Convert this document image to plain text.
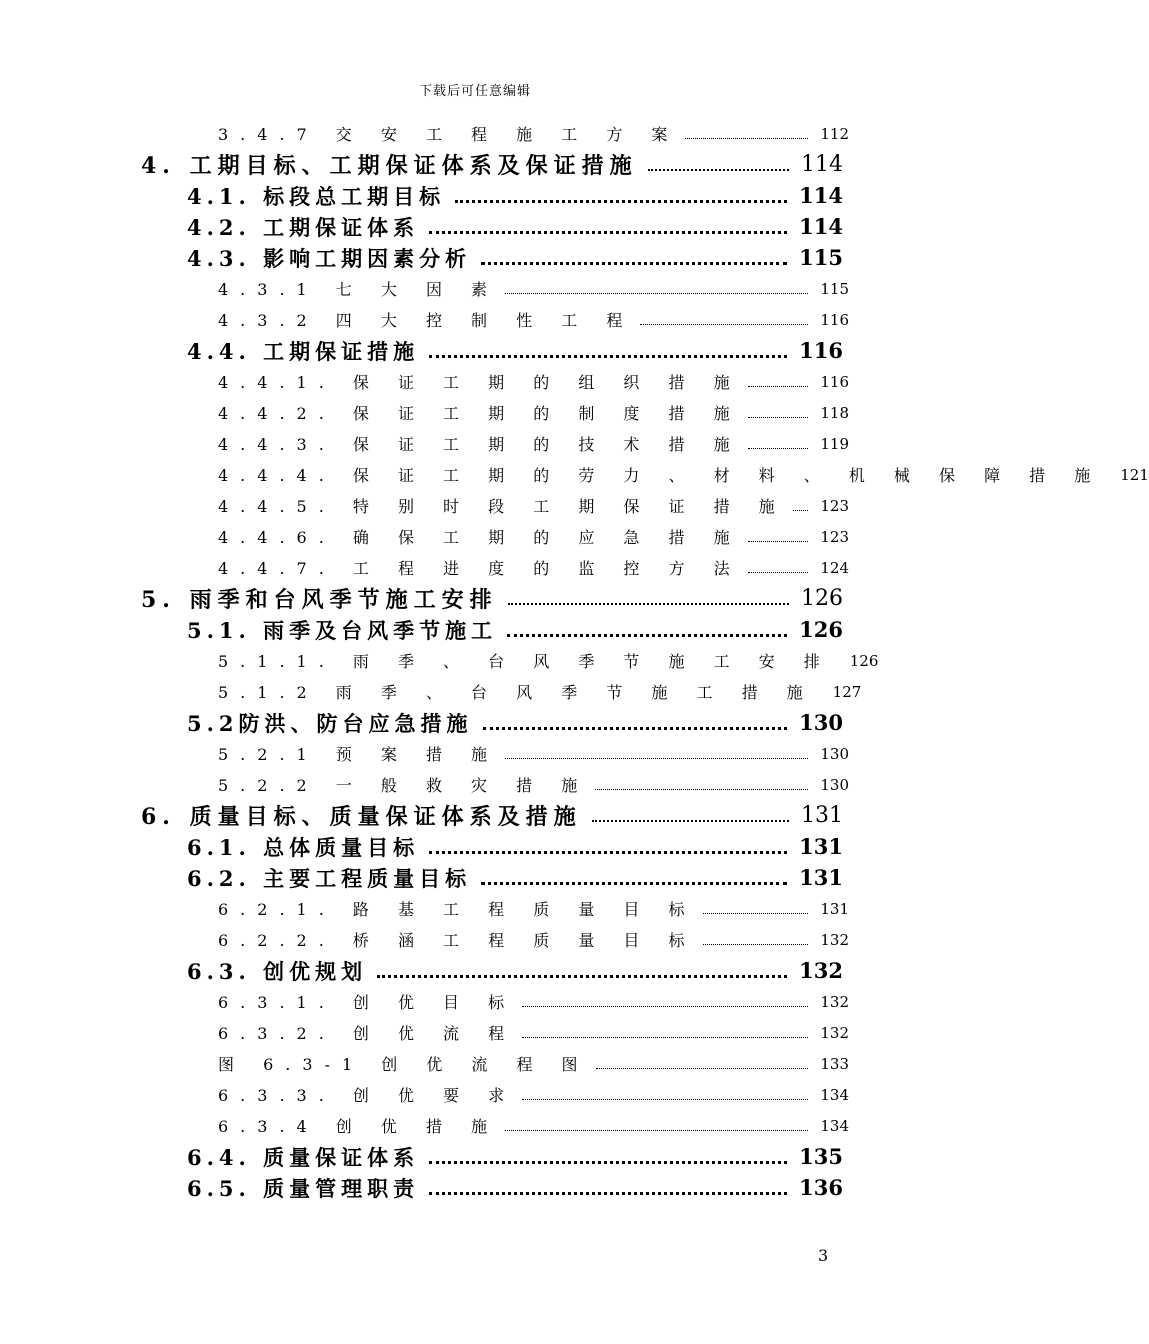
下载后可任意编辑
3.4.7 交 安 工 程 施 工 方 案	112
4. 工期目标、工期保证体系及保证措施	114
4.1. 标段总工期目标	114
4.2. 工期保证体系	114
4.3. 影响工期因素分析	115
4.3.1 七 大 因 素	115
4.3.2 四 大 控 制 性 工 程	116
4.4. 工期保证措施	116
4.4.1. 保 证 工 期 的 组 织 措 施	116
4.4.2. 保 证 工 期 的 制 度 措 施	118
4.4.3. 保 证 工 期 的 技 术 措 施	119
4.4.4. 保 证 工 期 的 劳 力 、 材 料 、 机 械 保 障 措 施 121
4.4.5. 特 别 时 段 工 期 保 证 措 施 123
4.4.6. 确 保 工 期 的 应 急 措 施	123
4.4.7. 工 程 进 度 的 监 控 方 法	124
5. 雨季和台风季节施工安排	126
5.1. 雨季及台风季节施工	126
5.1.1. 雨 季 、 台 风 季 节 施 工 安 排 126
5.1.2 雨 季 、 台 风 季 节 施 工 措 施 127
5.2防洪、防台应急措施	130
5.2.1 预 案 措 施	130
5.2.2 一 般 救 灾 措 施	130
6. 质量目标、质量保证体系及措施	131
6.1. 总体质量目标	131
6.2. 主要工程质量目标	131
6.2.1. 路 基 工 程 质 量 目 标	131
6.2.2. 桥 涵 工 程 质 量 目 标	132
6.3. 创优规划	132
6.3.1. 创 优 目 标	132
6.3.2. 创 优 流 程	132
图 6.3-1 创 优 流 程 图	133
6.3.3. 创 优 要 求	134
6.3.4 创 优 措 施	134
6.4. 质量保证体系	135
6.5. 质量管理职责	136
3
